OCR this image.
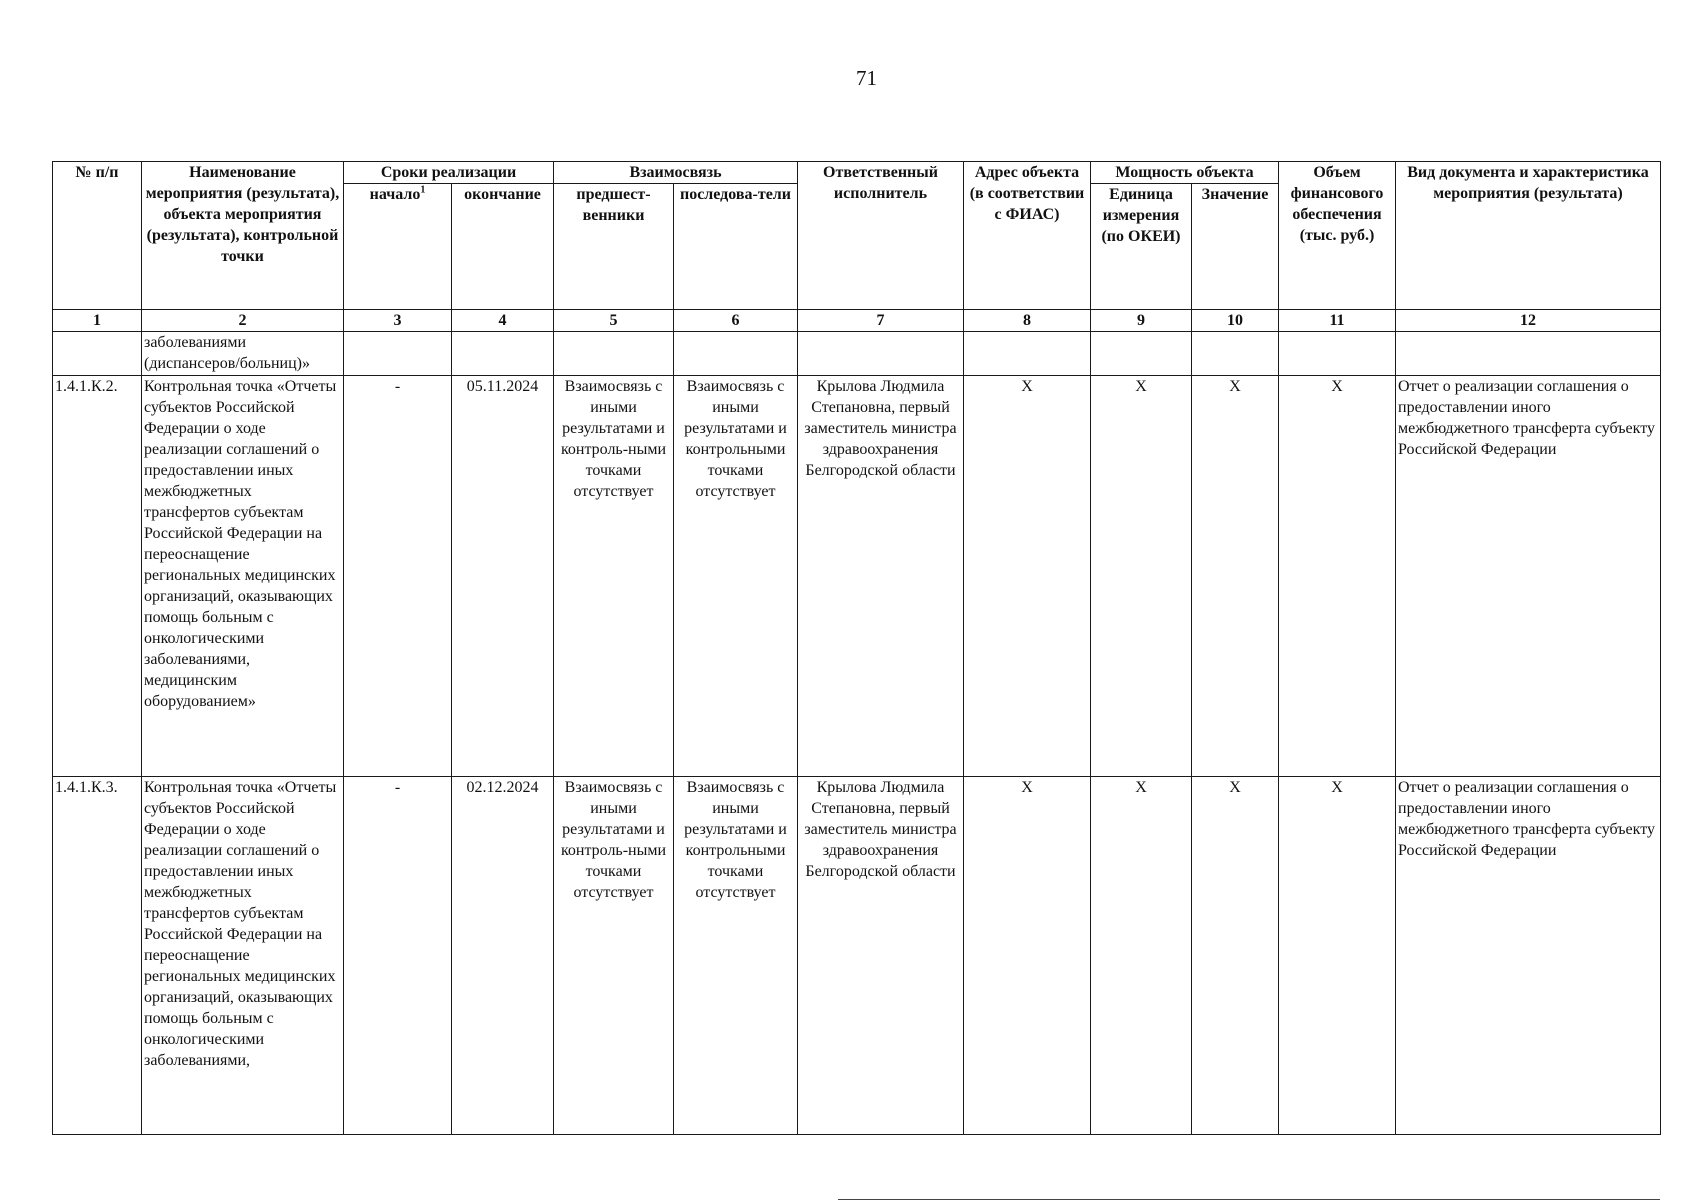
71
№ п/п	Наименование мероприятия (результата), объекта мероприятия (результата), контрольной точки	Сроки реализации		Взаимосвязь		Ответственный исполнитель	Адрес объекта (в соответствии с ФИАС)	Мощность объекта		Объем финансового обеспечения (тыс. руб.)	Вид документа и характеристика мероприятия (результата)
		начало$^1$	окончание	предшест-венники	последова-тели			Единица измерения (по ОКЕИ)	Значение		
1	2	3	4	5	6	7	8	9	10	11	12
	заболеваниями (диспансеров/больниц)»										
1.4.1.К.2.	Контрольная точка «Отчеты субъектов Российской Федерации о ходе реализации соглашений о предоставлении иных межбюджетных трансфертов субъектам Российской Федерации на переоснащение региональных медицинских организаций, оказывающих помощь больным с онкологическими заболеваниями, медицинским оборудованием»	-	05.11.2024	Взаимосвязь с иными результатами и контроль-ными точками отсутствует	Взаимосвязь с иными результатами и контрольными точками отсутствует	Крылова Людмила Степановна, первый заместитель министра здравоохранения Белгородской области	X	X	X	X	Отчет о реализации соглашения о предоставлении иного межбюджетного трансферта субъекту Российской Федерации
1.4.1.К.3.	Контрольная точка «Отчеты субъектов Российской Федерации о ходе реализации соглашений о предоставлении иных межбюджетных трансфертов субъектам Российской Федерации на переоснащение региональных медицинских организаций, оказывающих помощь больным с онкологическими заболеваниями,	-	02.12.2024	Взаимосвязь с иными результатами и контроль-ными точками отсутствует	Взаимосвязь с иными результатами и контрольными точками отсутствует	Крылова Людмила Степановна, первый заместитель министра здравоохранения Белгородской области	X	X	X	X	Отчет о реализации соглашения о предоставлении иного межбюджетного трансферта субъекту Российской Федерации
